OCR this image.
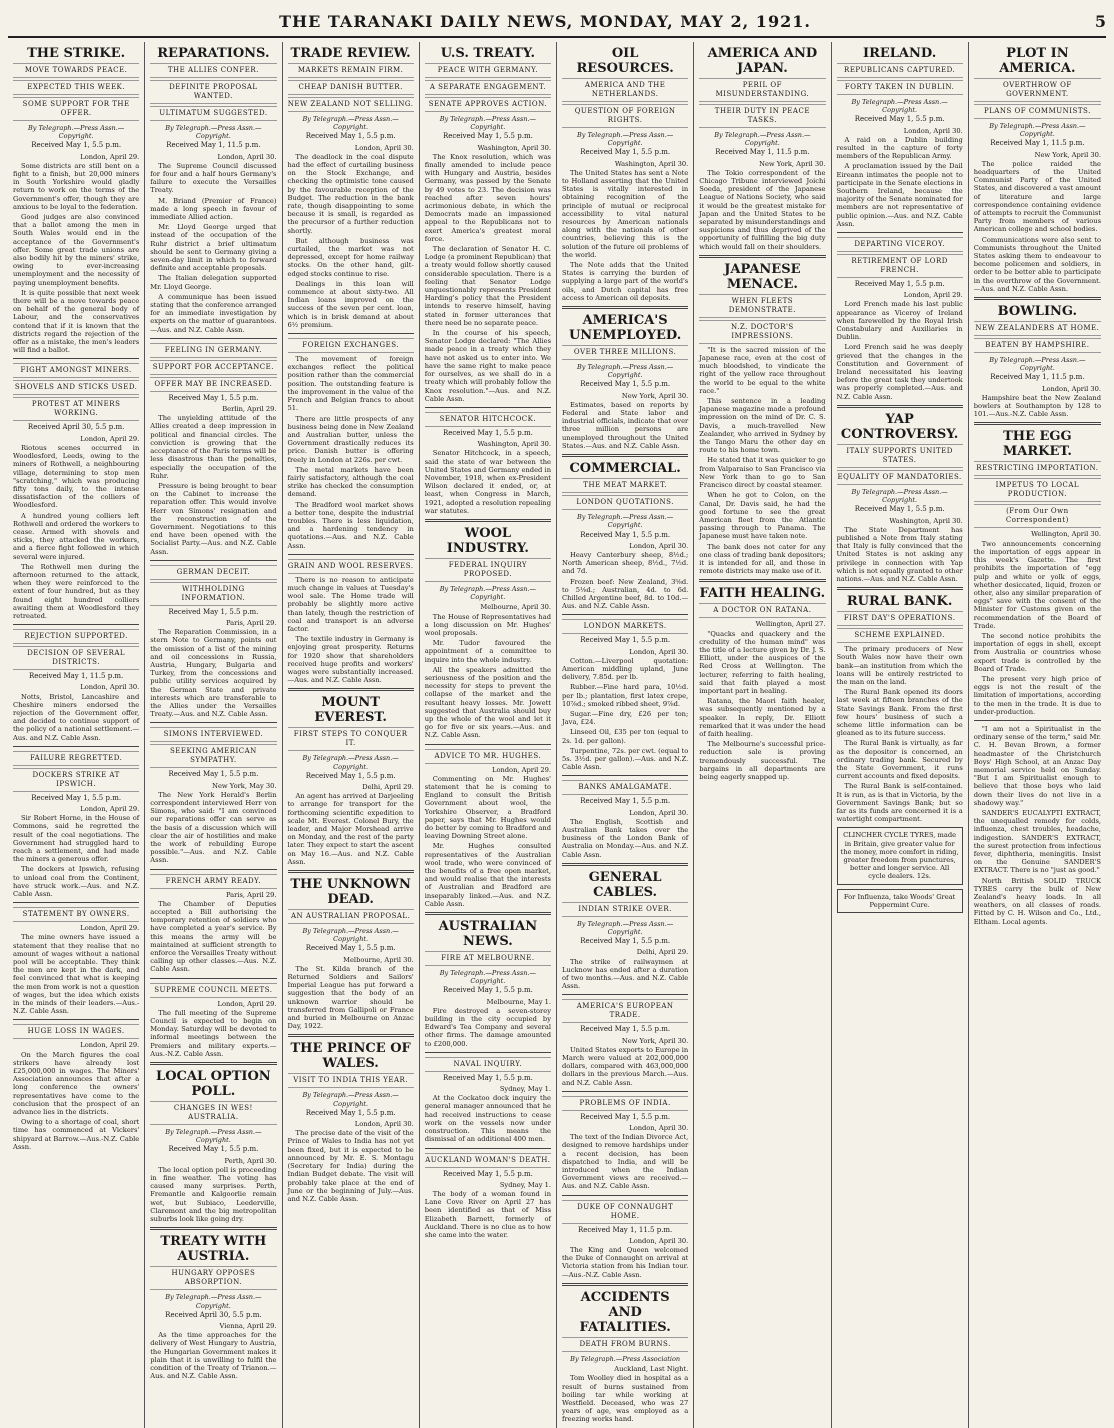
THE TARANAKI DAILY NEWS, MONDAY, MAY 2, 1921.	5
THE STRIKE.
MOVE TOWARDS PEACE.
EXPECTED THIS WEEK.
SOME SUPPORT FOR THE OFFER.
By Telegraph.—Press Assn.—Copyright.
Received May 1, 5.5 p.m.
London, April 29.

Some districts are still bent on a fight to a finish, but 20,000 miners in South Yorkshire would gladly return to work on the terms of the Government's offer, though they are anxious to be loyal to the federation.

Good judges are also convinced that a ballot among the men in South Wales would end in the acceptance of the Government's offer. Some great trade unions are also bodily hit by the miners' strike, owing to ever-increasing unemployment and the necessity of paying unemployment benefits.

It is quite possible that next week there will be a move towards peace on behalf of the general body of Labour, and the conservatives contend that if it is known that the districts regard the rejection of the offer as a mistake, the men's leaders will find a ballot.

FIGHT AMONGST MINERS.
SHOVELS AND STICKS USED.
PROTEST AT MINERS WORKING.
Received April 30, 5.5 p.m.
London, April 29.

Riotous scenes occurred in Woodlesford, Leeds, owing to the miners of Rothwell, a neighbouring village, determining to stop men "scratching," which was producing fifty tons daily, to the intense dissatisfaction of the colliers of Woodlesford.

A hundred young colliers left Rothwell and ordered the workers to cease. Armed with shovels and sticks, they attacked the workers, and a fierce fight followed in which several were injured.

The Rothwell men during the afternoon returned to the attack, when they were reinforced to the extent of four hundred, but as they found eight hundred colliers awaiting them at Woodlesford they retreated.

REJECTION SUPPORTED.
DECISION OF SEVERAL DISTRICTS.
Received May 1, 11.5 p.m.
London, April 30.

Notts, Bristol, Lancashire and Cheshire miners endorsed the rejection of the Government offer, and decided to continue support of the policy of a national settlement.—Aus. and N.Z. Cable Assn.

FAILURE REGRETTED.
DOCKERS STRIKE AT IPSWICH.
Received May 1, 5.5 p.m.
London, April 29.

Sir Robert Horne, in the House of Commons, said he regretted the result of the coal negotiations. The Government had struggled hard to reach a settlement, and had made the miners a generous offer.

The dockers at Ipswich, refusing to unload coal from the Continent, have struck work.—Aus. and N.Z. Cable Assn.

STATEMENT BY OWNERS.
London, April 29.

The mine owners have issued a statement that they realise that no amount of wages without a national pool will be acceptable. They think the men are kept in the dark, and feel convinced that what is keeping the men from work is not a question of wages, but the idea which exists in the minds of their leaders.—Aus.-N.Z. Cable Assn.

HUGE LOSS IN WAGES.
London, April 29.

On the March figures the coal strikers have already lost £25,000,000 in wages. The Miners' Association announces that after a long conference the owners' representatives have come to the conclusion that the prospect of an advance lies in the districts.

Owing to a shortage of coal, short time has commenced at Vickers' shipyard at Barrow.—Aus.-N.Z. Cable Assn.

REPARATIONS.
THE ALLIES CONFER.
DEFINITE PROPOSAL WANTED.
ULTIMATUM SUGGESTED.
By Telegraph.—Press Assn.—Copyright.
Received May 1, 11.5 p.m.
London, April 30.

The Supreme Council discussed for four and a half hours Germany's failure to execute the Versailles Treaty.

M. Briand (Premier of France) made a long speech in favour of immediate Allied action.

Mr. Lloyd George urged that instead of the occupation of the Ruhr district a brief ultimatum should be sent to Germany giving a seven-day limit in which to forward definite and acceptable proposals.

The Italian delegation supported Mr. Lloyd George.

A communique has been issued stating that the conference arranged for an immediate investigation by experts on the matter of guarantees.—Aus. and N.Z. Cable Assn.

FEELING IN GERMANY.
SUPPORT FOR ACCEPTANCE.
OFFER MAY BE INCREASED.
Received May 1, 5.5 p.m.
Berlin, April 29.

The unyielding attitude of the Allies created a deep impression in political and financial circles. The conviction is growing that the acceptance of the Paris terms will be less disastrous than the penalties, especially the occupation of the Ruhr.

Pressure is being brought to bear on the Cabinet to increase the reparation offer. This would involve Herr von Simons' resignation and the reconstruction of the Government. Negotiations to this end have been opened with the Socialist Party.—Aus. and N.Z. Cable Assn.

GERMAN DECEIT.
WITHHOLDING INFORMATION.
Received May 1, 5.5 p.m.
Paris, April 29.

The Reparation Commission, in a stern Note to Germany, points out the omission of a list of the mining and oil concessions in Russia, Austria, Hungary, Bulgaria and Turkey, from the concessions and public utility services acquired by the German State and private interests which are transferable to the Allies under the Versailles Treaty.—Aus. and N.Z. Cable Assn.

SIMONS INTERVIEWED.
SEEKING AMERICAN SYMPATHY.
Received May 1, 5.5 p.m.
New York, May 30.

The New York Herald's Berlin correspondent interviewed Herr von Simons, who said: "I am convinced our reparations offer can serve as the basis of a discussion which will clear the air of hostilities and make the work of rebuilding Europe possible."—Aus. and N.Z. Cable Assn.

FRENCH ARMY READY.
Paris, April 29.

The Chamber of Deputies accepted a Bill authorising the temporary retention of soldiers who have completed a year's service. By this means the army will be maintained at sufficient strength to enforce the Versailles Treaty without calling up other classes.—Aus. N.Z. Cable Assn.

SUPREME COUNCIL MEETS.
London, April 29.

The full meeting of the Supreme Council is expected to begin on Monday. Saturday will be devoted to informal meetings between the Premiers and military experts.—Aus.-N.Z. Cable Assn.

LOCAL OPTION POLL.
CHANGES IN WES! AUSTRALIA.
By Telegraph.—Press Assn.—Copyright.
Received May 1, 5.5 p.m.
Perth, April 30.

The local option poll is proceeding in fine weather. The voting has caused many surprises. Perth, Fremantle and Kalgoorlie remain wet, but Subiaco, Leederville, Claremont and the big metropolitan suburbs look like going dry.

TREATY WITH AUSTRIA.
HUNGARY OPPOSES ABSORPTION.
By Telegraph.—Press Assn.—Copyright.
Received April 30, 5.5 p.m.
Vienna, April 29.

As the time approaches for the delivery of West Hungary to Austria, the Hungarian Government makes it plain that it is unwilling to fulfil the condition of the Treaty of Trianon.—Aus. and N.Z. Cable Assn.

TRADE REVIEW.
MARKETS REMAIN FIRM.
CHEAP DANISH BUTTER.
NEW ZEALAND NOT SELLING.
By Telegraph.—Press Assn.—Copyright.
Received May 1, 5.5 p.m.
London, April 30.

The deadlock in the coal dispute had the effect of curtailing business on the Stock Exchange, and checking the optimistic tone caused by the favourable reception of the Budget. The reduction in the bank rate, though disappointing to some because it is small, is regarded as the precursor of a further reduction shortly.

But although business was curtailed, the market was not depressed, except for home railway stocks. On the other hand, gilt-edged stocks continue to rise.

Dealings in this loan will commence at about sixty-two. All Indian loans improved on the success of the seven per cent. loan, which is in brisk demand at about 6½ premium.

FOREIGN EXCHANGES.

The movement of foreign exchanges reflect the political position rather than the commercial position. The outstanding feature is the improvement in the value of the French and Belgian francs to about 51.

There are little prospects of any business being done in New Zealand and Australian butter, unless the Government drastically reduces its price. Danish butter is offering freely in London at 226s. per cwt.

The metal markets have been fairly satisfactory, although the coal strike has checked the consumption demand.

The Bradford wool market shows a better tone, despite the industrial troubles. There is less liquidation, and a hardening tendency in quotations.—Aus. and N.Z. Cable Assn.

GRAIN AND WOOL RESERVES.

There is no reason to anticipate much change in values at Tuesday's wool sale. The Home trade will probably be slightly more active than lately, though the restriction of coal and transport is an adverse factor.

The textile industry in Germany is enjoying great prosperity. Returns for 1920 show that shareholders received huge profits and workers' wages were substantially increased.—Aus. and N.Z. Cable Assn.

MOUNT EVEREST.
FIRST STEPS TO CONQUER IT.
By Telegraph.—Press Assn.—Copyright.
Received May 1, 5.5 p.m.
Delhi, April 29.

An agent has arrived at Darjeeling to arrange for transport for the forthcoming scientific expedition to scale Mt. Everest. Colonel Bury, the leader, and Major Morshead arrive on Monday, and the rest of the party later. They expect to start the ascent on May 16.—Aus. and N.Z. Cable Assn.

THE UNKNOWN DEAD.
AN AUSTRALIAN PROPOSAL.
By Telegraph.—Press Assn.—Copyright.
Received May 1, 5.5 p.m.
Melbourne, April 30.

The St. Kilda branch of the Returned Soldiers and Sailors' Imperial League has put forward a suggestion that the body of an unknown warrior should be transferred from Gallipoli or France and buried in Melbourne on Anzac Day, 1922.

THE PRINCE OF WALES.
VISIT TO INDIA THIS YEAR.
By Telegraph.—Press Assn.—Copyright.
Received May 1, 5.5 p.m.
London, April 30.

The precise date of the visit of the Prince of Wales to India has not yet been fixed, but it is expected to be announced by Mr. E. S. Montagu (Secretary for India) during the Indian Budget debate. The visit will probably take place at the end of June or the beginning of July.—Aus. and N.Z. Cable Assn.

U.S. TREATY.
PEACE WITH GERMANY.
A SEPARATE ENGAGEMENT.
SENATE APPROVES ACTION.
By Telegraph.—Press Assn.—Copyright.
Received May 1, 5.5 p.m.
Washington, April 30.

The Knox resolution, which was finally amended to include peace with Hungary and Austria, besides Germany, was passed by the Senate by 49 votes to 23. The decision was reached after seven hours' acrimonious debate, in which the Democrats made an impassioned appeal to the Republicans not to exert America's greatest moral force.

The declaration of Senator H. C. Lodge (a prominent Republican) that a treaty would follow shortly caused considerable speculation. There is a feeling that Senator Lodge unquestionably represents President Harding's policy that the President intends to reserve himself, having stated in former utterances that there need be no separate peace.

In the course of his speech, Senator Lodge declared: "The Allies made peace in a treaty which they have not asked us to enter into. We have the same right to make peace for ourselves, as we shall do in a treaty which will probably follow the Knox resolution."—Aus. and N.Z. Cable Assn.

SENATOR HITCHCOCK.
Received May 1, 5.5 p.m.
Washington, April 30.

Senator Hitchcock, in a speech, said the state of war between the United States and Germany ended in November, 1918, when ex-President Wilson declared it ended, or, at least, when Congress in March, 1921, adopted a resolution repealing war statutes.

WOOL INDUSTRY.
FEDERAL INQUIRY PROPOSED.
By Telegraph.—Press Assn.—Copyright.
Melbourne, April 30.

The House of Representatives had a long discussion on Mr. Hughes' wool proposals.

Mr. Tudor favoured the appointment of a committee to inquire into the whole industry.

All the speakers admitted the seriousness of the position and the necessity for steps to prevent the collapse of the market and the resultant heavy losses. Mr. Jowett suggested that Australia should buy up the whole of the wool and let it go for five or six years.—Aus. and N.Z. Cable Assn.

ADVICE TO MR. HUGHES.
London, April 29.

Commenting on Mr. Hughes' statement that he is coming to England to consult the British Government about wool, the Yorkshire Observer, a Bradford paper, says that Mr. Hughes would do better by coming to Bradford and leaving Downing Street alone.

Mr. Hughes consulted representatives of the Australian wool trade, who were convinced of the benefits of a free open market, and would realise that the interests of Australian and Bradford are inseparably linked.—Aus. and N.Z. Cable Assn.

AUSTRALIAN NEWS.
FIRE AT MELBOURNE.
By Telegraph.—Press Assn.—Copyright.
Received May 1, 5.5 p.m.
Melbourne, May 1.

Fire destroyed a seven-storey building in the city occupied by Edward's Tea Company and several other firms. The damage amounted to £200,000.

NAVAL INQUIRY.
Received May 1, 5.5 p.m.
Sydney, May 1.

At the Cockatoo dock inquiry the general manager announced that he had received instructions to cease work on the vessels now under construction. This means the dismissal of an additional 400 men.

AUCKLAND WOMAN'S DEATH.
Received May 1, 5.5 p.m.
Sydney, May 1.

The body of a woman found in Lane Cove River on April 27 has been identified as that of Miss Elizabeth Barnett, formerly of Auckland. There is no clue as to how she came into the water.

OIL RESOURCES.
AMERICA AND THE NETHERLANDS.
QUESTION OF FOREIGN RIGHTS.
By Telegraph.—Press Assn.—Copyright.
Received May 1, 5.5 p.m.
Washington, April 30.

The United States has sent a Note to Holland asserting that the United States is vitally interested in obtaining recognition of the principle of mutual or reciprocal accessibility to vital natural resources by American nationals along with the nationals of other countries, believing this is the solution of the future oil problems of the world.

The Note adds that the United States is carrying the burden of supplying a large part of the world's oils, and Dutch capital has free access to American oil deposits.

AMERICA'S UNEMPLOYED.
OVER THREE MILLIONS.
By Telegraph.—Press Assn.—Copyright.
Received May 1, 5.5 p.m.
New York, April 30.

Estimates, based on reports by Federal and State labor and industrial officials, indicate that over three million persons are unemployed throughout the United States.—Aus. and N.Z. Cable Assn.

COMMERCIAL.
THE MEAT MARKET.
LONDON QUOTATIONS.
By Telegraph.—Press Assn.—Copyright.
Received May 1, 5.5 p.m.
London, April 30.

Heavy Canterbury sheep, 8½d.; North American sheep, 8½d., 7½d. and 7d.

Frozen beef: New Zealand, 3⅝d. to 5⅛d.; Australian, 4d. to 6d. Chilled Argentine beef, 8d. to 10d.—Aus. and N.Z. Cable Assn.

LONDON MARKETS.
Received May 1, 5.5 p.m.
London, April 30.

Cotton.—Liverpool quotation: American middling upland, June delivery, 7.85d. per lb.

Rubber.—Fine hard para, 10½d. per lb.; plantation, first latex crepe, 10⅞d.; smoked ribbed sheet, 9⅞d.

Sugar.—Fine dry, £26 per ton; Java, £24.

Linseed Oil, £35 per ton (equal to 2s. 1d. per gallon).

Turpentine, 72s. per cwt. (equal to 5s. 3½d. per gallon).—Aus. and N.Z. Cable Assn.

BANKS AMALGAMATE.
Received May 1, 5.5 p.m.
London, April 30.

The English, Scottish and Australian Bank takes over the business of the London Bank of Australia on Monday.—Aus. and N.Z. Cable Assn.

GENERAL CABLES.
INDIAN STRIKE OVER.
By Telegraph.—Press Assn.—Copyright.
Received May 1, 5.5 p.m.
Delhi, April 29.

The strike of railwaymen at Lucknow has ended after a duration of two months.—Aus. and N.Z. Cable Assn.

AMERICA'S EUROPEAN TRADE.
Received May 1, 5.5 p.m.
New York, April 30.

United States exports to Europe in March were valued at 202,000,000 dollars, compared with 463,000,000 dollars in the previous March.—Aus. and N.Z. Cable Assn.

PROBLEMS OF INDIA.
Received May 1, 5.5 p.m.
London, April 30.

The text of the Indian Divorce Act, designed to remove hardships under a recent decision, has been dispatched to India, and will be introduced when the Indian Government views are received.—Aus. and N.Z. Cable Assn.

DUKE OF CONNAUGHT HOME.
Received May 1, 11.5 p.m.
London, April 30.

The King and Queen welcomed the Duke of Connaught on arrival at Victoria station from his Indian tour.—Aus.-N.Z. Cable Assn.

ACCIDENTS AND FATALITIES.
DEATH FROM BURNS.
By Telegraph.—Press Association
Auckland, Last Night.

Tom Woolley died in hospital as a result of burns sustained from boiling tar while working at Westfield. Deceased, who was 27 years of age, was employed as a freezing works hand.

AMERICA AND JAPAN.
PERIL OF MISUNDERSTANDING.
THEIR DUTY IN PEACE TASKS.
By Telegraph.—Press Assn.—Copyright.
Received May 1, 11.5 p.m.
New York, April 30.

The Tokio correspondent of the Chicago Tribune interviewed Joichi Soeda, president of the Japanese League of Nations Society, who said it would be the greatest mistake for Japan and the United States to be separated by misunderstandings and suspicions and thus deprived of the opportunity of fulfilling the big duty which would fall on their shoulders.

JAPANESE MENACE.
WHEN FLEETS DEMONSTRATE.
N.Z. DOCTOR'S IMPRESSIONS.

"It is the sacred mission of the Japanese race, even at the cost of much bloodshed, to vindicate the right of the yellow race throughout the world to be equal to the white race."

This sentence in a leading Japanese magazine made a profound impression on the mind of Dr. C. S. Davis, a much-travelled New Zealander, who arrived in Sydney by the Tango Maru the other day en route to his home town.

He stated that it was quicker to go from Valparaiso to San Francisco via New York than to go to San Francisco direct by coastal steamer.

When he got to Colon, on the Canal, Dr. Davis said, he had the good fortune to see the great American fleet from the Atlantic passing through to Panama. The Japanese must have taken note.

The bank does not cater for any one class of trading bank depositors; it is intended for all, and those in remote districts may make use of it.

FAITH HEALING.
A DOCTOR ON RATANA.
Wellington, April 27.

"Quacks and quackery and the credulity of the human mind" was the title of a lecture given by Dr. J. S. Elliott, under the auspices of the Red Cross at Wellington. The lecturer, referring to faith healing, said that faith played a most important part in healing.

Ratana, the Maori faith healer, was subsequently mentioned by a speaker. In reply, Dr. Elliott remarked that it was under the head of faith healing.

The Melbourne's successful price-reduction sale is proving tremendously successful. The bargains in all departments are being eagerly snapped up.

IRELAND.
REPUBLICANS CAPTURED.
FORTY TAKEN IN DUBLIN.
By Telegraph.—Press Assn.—Copyright.
Received May 1, 5.5 p.m.
London, April 30.

A raid on a Dublin building resulted in the capture of forty members of the Republican Army.

A proclamation issued by the Dail Eireann intimates the people not to participate in the Senate elections in Southern Ireland, because the majority of the Senate nominated for members are not representative of public opinion.—Aus. and N.Z. Cable Assn.

DEPARTING VICEROY.
RETIREMENT OF LORD FRENCH.
Received May 1, 5.5 p.m.
London, April 29.

Lord French made his last public appearance as Viceroy of Ireland when farewelled by the Royal Irish Constabulary and Auxiliaries in Dublin.

Lord French said he was deeply grieved that the changes in the Constitution and Government of Ireland necessitated his leaving before the great task they undertook was properly completed.—Aus. and N.Z. Cable Assn.

YAP CONTROVERSY.
ITALY SUPPORTS UNITED STATES.
EQUALITY OF MANDATORIES.
By Telegraph.—Press Assn.—Copyright.
Received May 1, 5.5 p.m.
Washington, April 30.

The State Department has published a Note from Italy stating that Italy is fully convinced that the United States is not asking any privilege in connection with Yap which is not equally granted to other nations.—Aus. and N.Z. Cable Assn.

RURAL BANK.
FIRST DAY'S OPERATIONS.
SCHEME EXPLAINED.

The primary producers of New South Wales now have their own bank—an institution from which the loans will be entirely restricted to the man on the land.

The Rural Bank opened its doors last week at fifteen branches of the State Savings Bank. From the first few hours' business of such a scheme little information can be gleaned as to its future success.

The Rural Bank is virtually, as far as the depositor is concerned, an ordinary trading bank. Secured by the State Government, it runs current accounts and fixed deposits.

The Rural Bank is self-contained. It is run, as is that in Victoria, by the Government Savings Bank; but so far as its funds are concerned it is a watertight compartment.

CLINCHER CYCLE TYRES, made in Britain, give greater value for the money, more comfort in riding, greater freedom from punctures, better and longer service. All cycle dealers. 12s.
For Influenza, take Woods' Great Peppermint Cure.
PLOT IN AMERICA.
OVERTHROW OF GOVERNMENT.
PLANS OF COMMUNISTS.
By Telegraph.—Press Assn.—Copyright.
Received May 1, 11.5 p.m.
New York, April 30.

The police raided the headquarters of the United Communist Party of the United States, and discovered a vast amount of literature and large correspondence containing evidence of attempts to recruit the Communist Party from members of various American college and school bodies.

Communications were also sent to Communists throughout the United States asking them to endeavour to become policemen and soldiers, in order to be better able to participate in the overthrow of the Government.—Aus. and N.Z. Cable Assn.

BOWLING.
NEW ZEALANDERS AT HOME.
BEATEN BY HAMPSHIRE.
By Telegraph.—Press Assn.—Copyright.
Received May 1, 11.5 p.m.
London, April 30.

Hampshire beat the New Zealand bowlers at Southampton by 128 to 101.—Aus.-N.Z. Cable Assn.

THE EGG MARKET.
RESTRICTING IMPORTATION.
IMPETUS TO LOCAL PRODUCTION.
(From Our Own Correspondent)
Wellington, April 30.

Two announcements concerning the importation of eggs appear in this week's Gazette. The first prohibits the importation of "egg pulp and white or yolk of eggs, whether desiccated, liquid, frozen or other, also any similar preparation of eggs" save with the consent of the Minister for Customs given on the recommendation of the Board of Trade.

The second notice prohibits the importation of eggs in shell, except from Australia or countries whose export trade is controlled by the Board of Trade.

The present very high price of eggs is not the result of the limitation of importations, according to the men in the trade. It is due to under-production.

"I am not a Spiritualist in the ordinary sense of the term," said Mr. C. H. Bevan Brown, a former headmaster of the Christchurch Boys' High School, at an Anzac Day memorial service held on Sunday. "But I am Spiritualist enough to believe that those boys who laid down their lives do not live in a shadowy way."

SANDER'S EUCALYPTI EXTRACT, the unequalled remedy for colds, influenza, chest troubles, headache, indigestion. SANDER'S EXTRACT, the surest protection from infectious fever, diphtheria, meningitis. Insist on the Genuine SANDER'S EXTRACT. There is no "just as good."

North British SOLID TRUCK TYRES carry the bulk of New Zealand's heavy loads. In all weathers, on all classes of roads. Fitted by C. H. Wilson and Co., Ltd., Eltham. Local agents.
